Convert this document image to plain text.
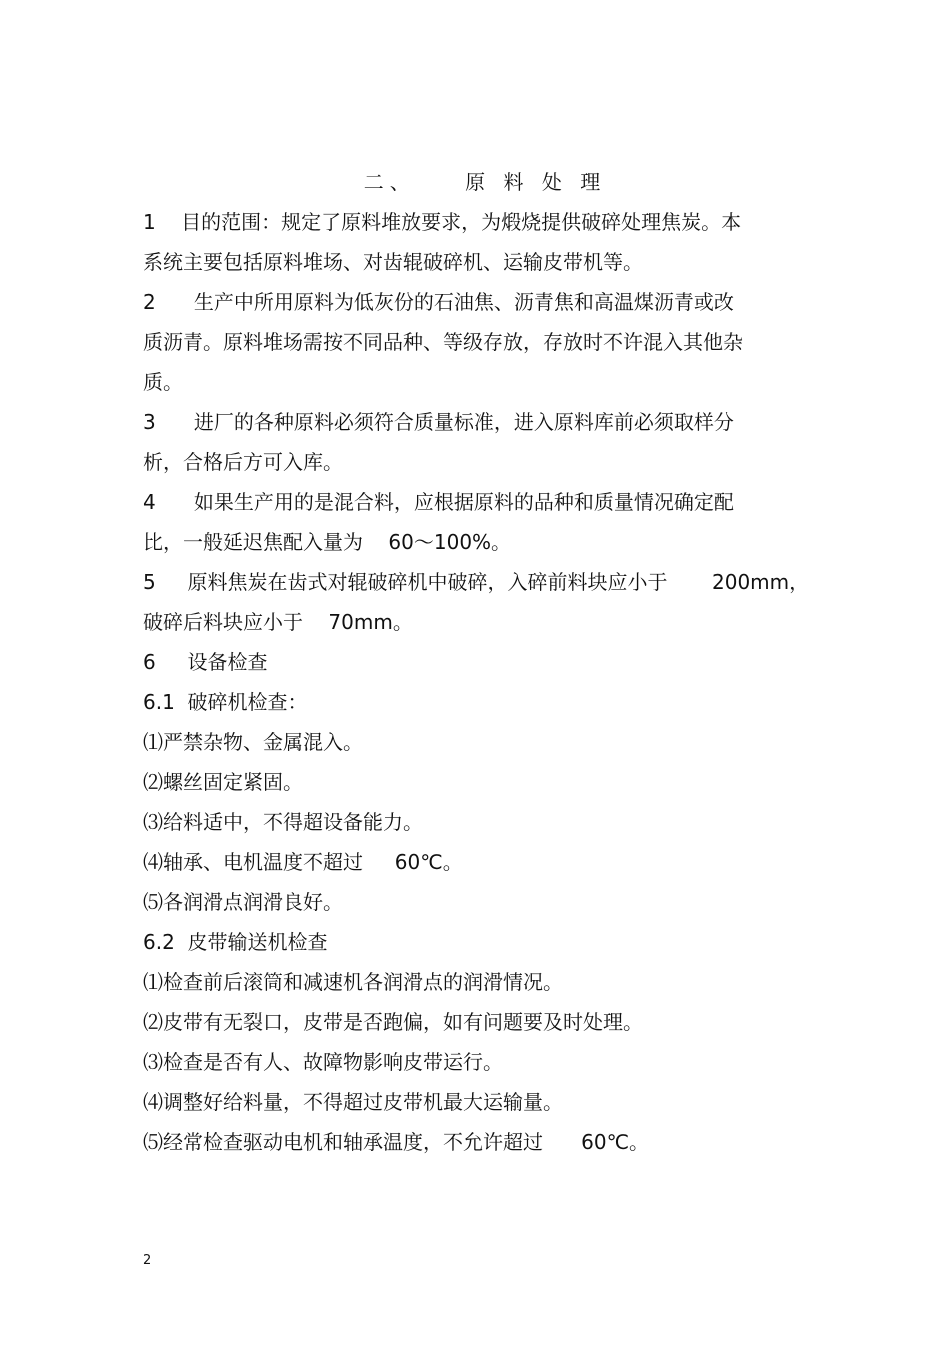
二、    原 料 处 理

1    目的范围：规定了原料堆放要求，为煅烧提供破碎处理焦炭。本

系统主要包括原料堆场、对齿辊破碎机、运输皮带机等。

2      生产中所用原料为低灰份的石油焦、沥青焦和高温煤沥青或改

质沥青。原料堆场需按不同品种、等级存放，存放时不许混入其他杂

质。

3      进厂的各种原料必须符合质量标准，进入原料库前必须取样分

析，合格后方可入库。

4      如果生产用的是混合料，应根据原料的品种和质量情况确定配

比，一般延迟焦配入量为    60～100%。

5     原料焦炭在齿式对辊破碎机中破碎，入碎前料块应小于       200mm，

破碎后料块应小于    70mm。

6     设备检查

6.1  破碎机检查：

⑴严禁杂物、金属混入。

⑵螺丝固定紧固。

⑶给料适中，不得超设备能力。

⑷轴承、电机温度不超过     60℃。

⑸各润滑点润滑良好。

6.2  皮带输送机检查

⑴检查前后滚筒和减速机各润滑点的润滑情况。

⑵皮带有无裂口，皮带是否跑偏，如有问题要及时处理。

⑶检查是否有人、故障物影响皮带运行。

⑷调整好给料量，不得超过皮带机最大运输量。

⑸经常检查驱动电机和轴承温度，不允许超过      60℃。

2
